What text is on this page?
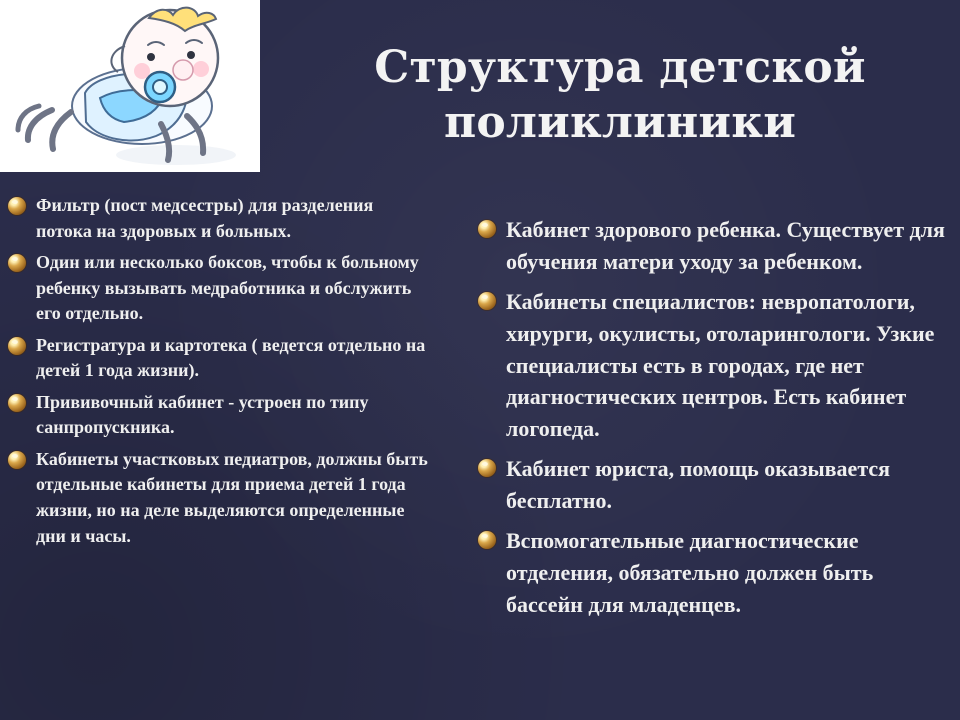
Структура детской
поликлиники
Фильтр (пост медсестры) для разделения потока на здоровых и больных.
Один или несколько боксов, чтобы к больному ребенку вызывать медработника и обслужить его отдельно.
Регистратура и картотека ( ведется отдельно на детей 1 года жизни).
Прививочный кабинет - устроен по типу санпропускника.
Кабинеты участковых педиатров, должны быть отдельные кабинеты для приема детей 1 года жизни, но на деле выделяются определенные дни и часы.
Кабинет здорового ребенка. Существует для обучения матери уходу за ребенком.
Кабинеты специалистов: невропатологи, хирурги, окулисты, отоларингологи. Узкие специалисты есть в городах, где нет диагностических центров. Есть кабинет логопеда.
Кабинет юриста, помощь оказывается бесплатно.
Вспомогательные диагностические отделения, обязательно должен быть бассейн для младенцев.
